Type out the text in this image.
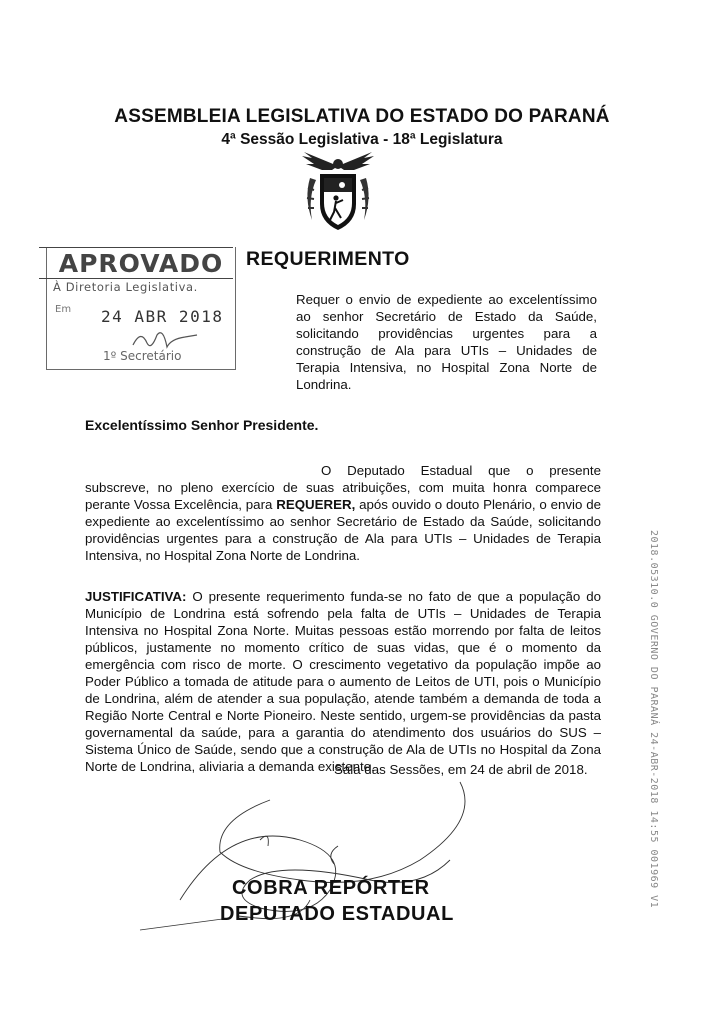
ASSEMBLEIA LEGISLATIVA DO ESTADO DO PARANÁ
4ª Sessão Legislativa - 18ª Legislatura
APROVADO
À Diretoria Legislativa.
Em 24 ABR 2018
1º Secretário
REQUERIMENTO
Requer o envio de expediente ao excelentíssimo ao senhor Secretário de Estado da Saúde, solicitando providências urgentes para a construção de Ala para UTIs – Unidades de Terapia Intensiva, no Hospital Zona Norte de Londrina.
Excelentíssimo Senhor Presidente.
O Deputado Estadual que o presente subscreve, no pleno exercício de suas atribuições, com muita honra comparece perante Vossa Excelência, para REQUERER, após ouvido o douto Plenário, o envio de expediente ao excelentíssimo ao senhor Secretário de Estado da Saúde, solicitando providências urgentes para a construção de Ala para UTIs – Unidades de Terapia Intensiva, no Hospital Zona Norte de Londrina.
JUSTIFICATIVA: O presente requerimento funda-se no fato de que a população do Município de Londrina está sofrendo pela falta de UTIs – Unidades de Terapia Intensiva no Hospital Zona Norte. Muitas pessoas estão morrendo por falta de leitos públicos, justamente no momento crítico de suas vidas, que é o momento da emergência com risco de morte. O crescimento vegetativo da população impõe ao Poder Público a tomada de atitude para o aumento de Leitos de UTI, pois o Município de Londrina, além de atender a sua população, atende também a demanda de toda a Região Norte Central e Norte Pioneiro. Neste sentido, urgem-se providências da pasta governamental da saúde, para a garantia do atendimento dos usuários do SUS – Sistema Único de Saúde, sendo que a construção de Ala de UTIs no Hospital da Zona Norte de Londrina, aliviaria a demanda existente.
Sala das Sessões, em 24 de abril de 2018.
COBRA REPÓRTER
DEPUTADO ESTADUAL
2018.05310.0 GOVERNO DO PARANÁ 24-ABR-2018 14:55 001969 V1
